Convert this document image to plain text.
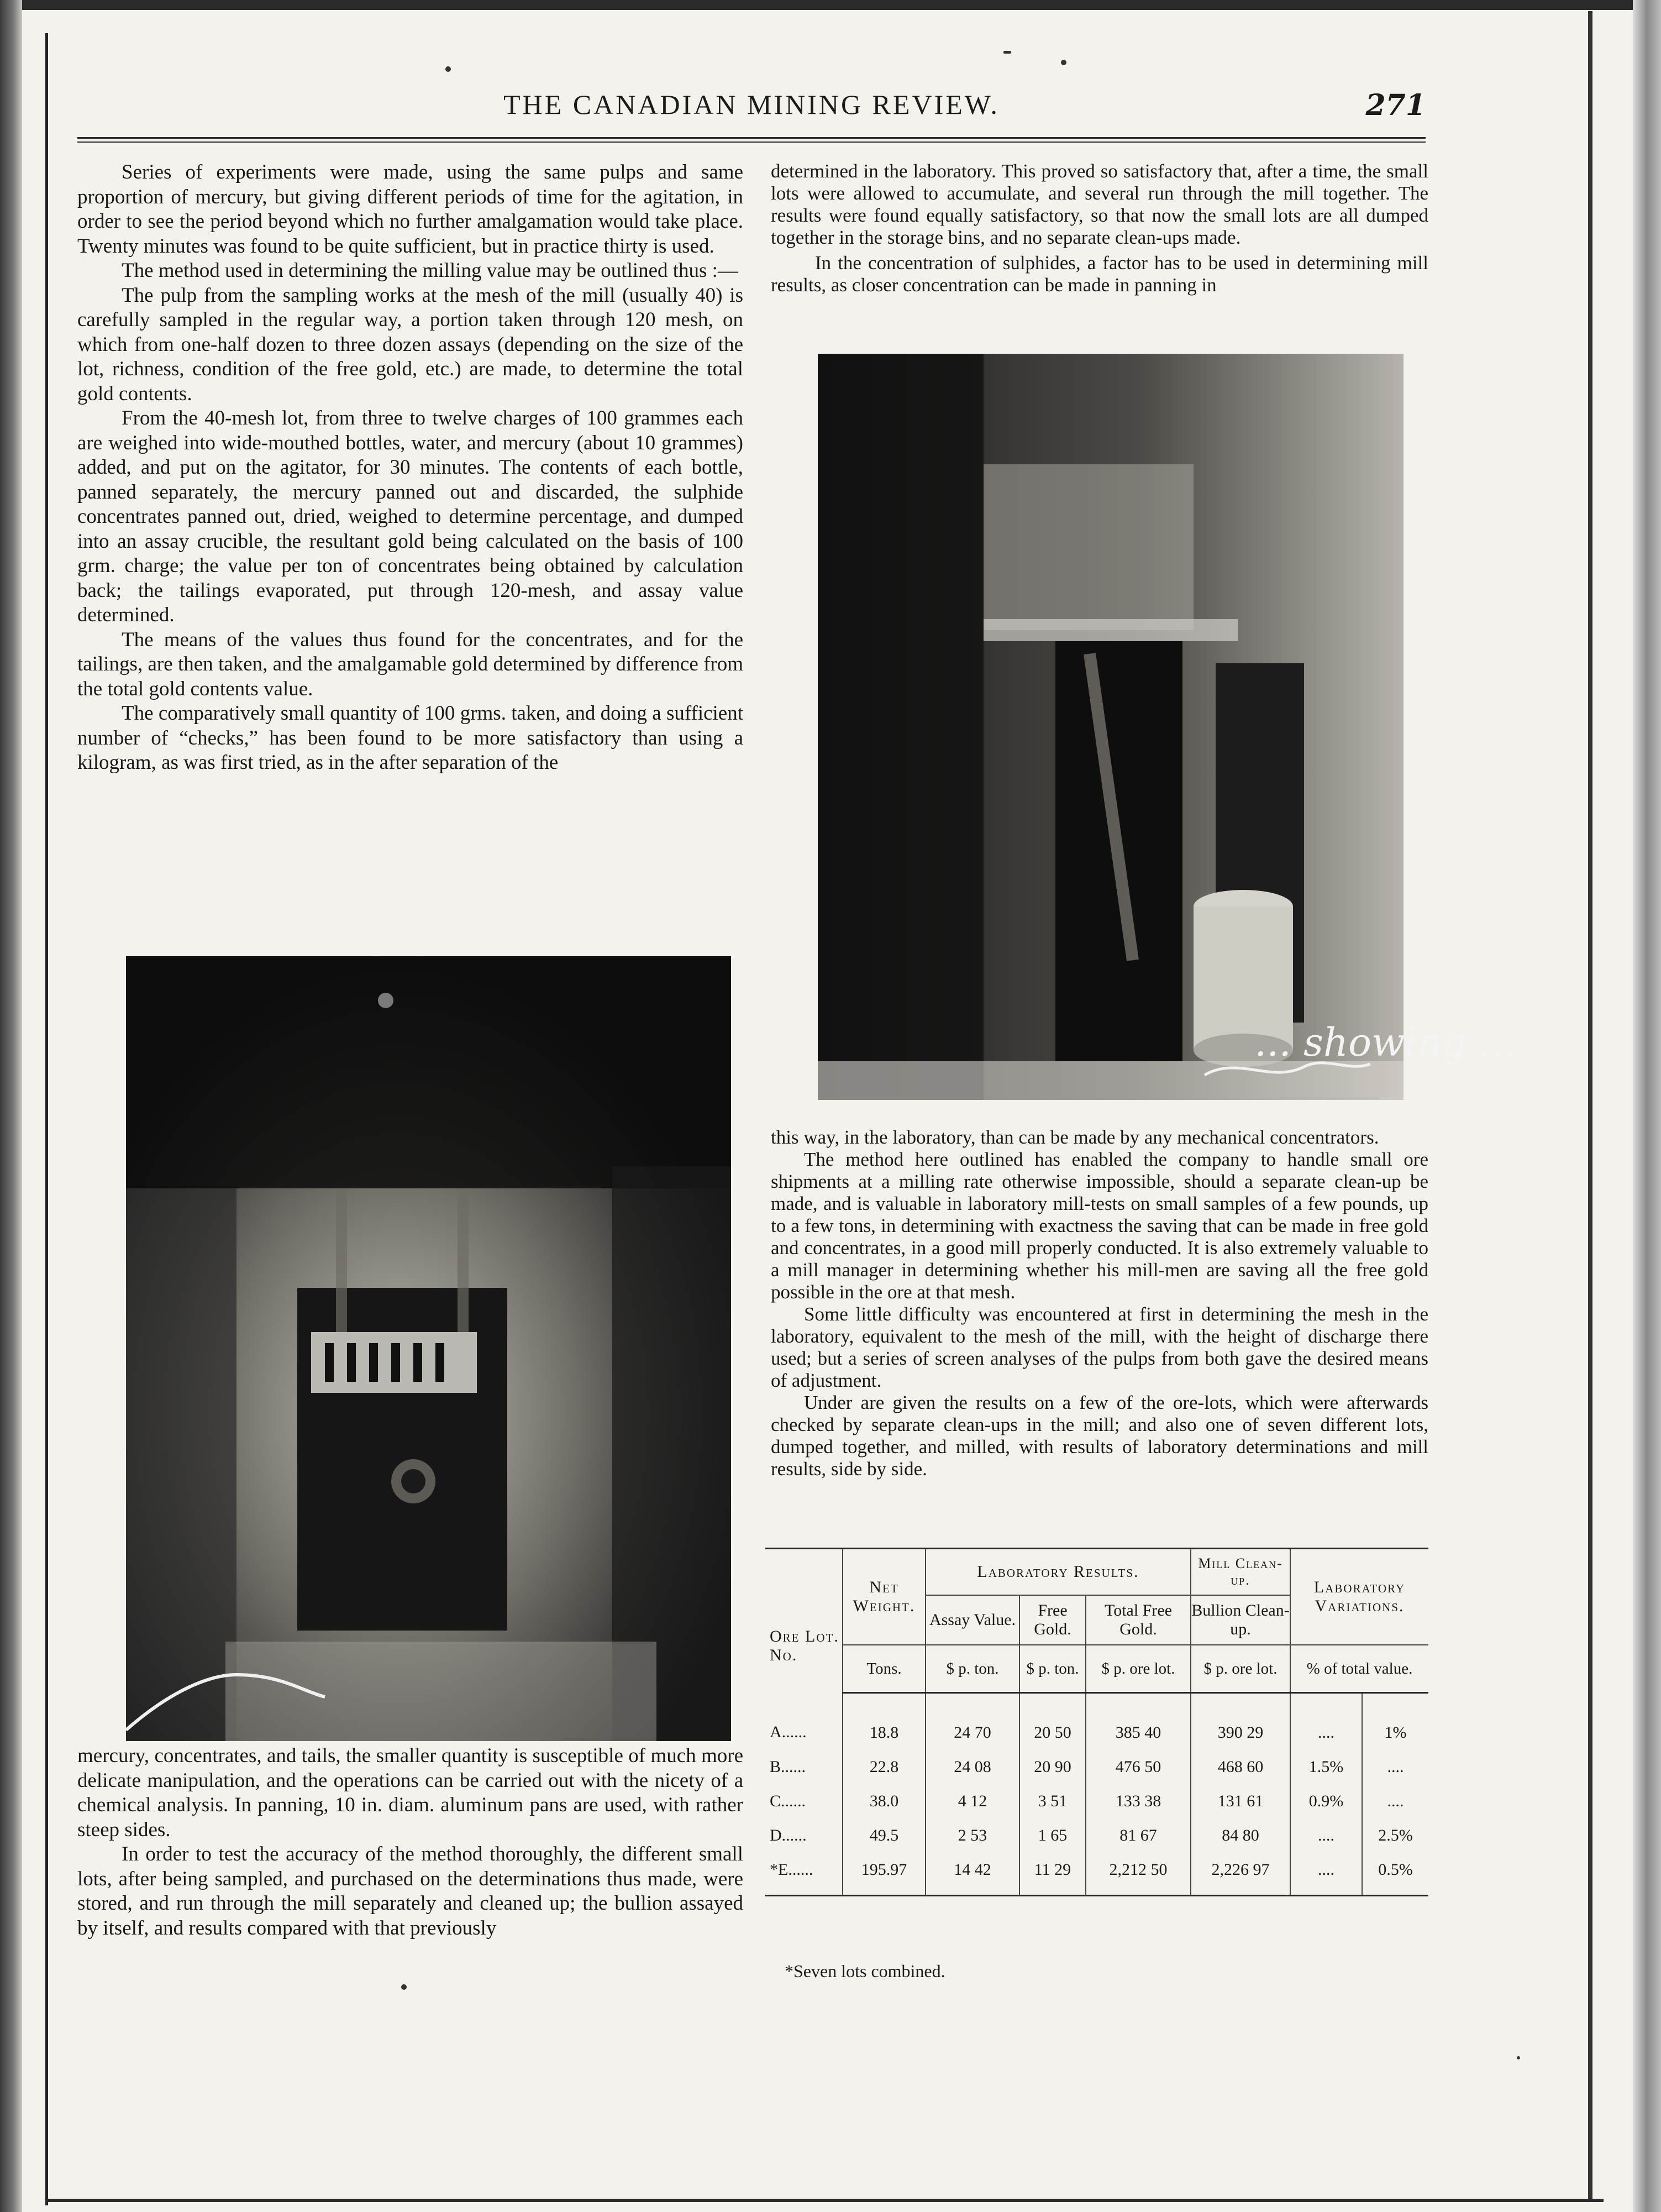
THE CANADIAN MINING REVIEW.	271

Series of experiments were made, using the same pulps and same proportion of mercury, but giving different periods of time for the agitation, in order to see the period beyond which no further amalgamation would take place. Twenty minutes was found to be quite sufficient, but in practice thirty is used.

The method used in determining the milling value may be outlined thus :—

The pulp from the sampling works at the mesh of the mill (usually 40) is carefully sampled in the regular way, a portion taken through 120 mesh, on which from one-half dozen to three dozen assays (depending on the size of the lot, richness, condition of the free gold, etc.) are made, to determine the total gold contents.

From the 40-mesh lot, from three to twelve charges of 100 grammes each are weighed into wide-mouthed bottles, water, and mercury (about 10 grammes) added, and put on the agitator, for 30 minutes. The contents of each bottle, panned separately, the mercury panned out and discarded, the sulphide concentrates panned out, dried, weighed to determine percentage, and dumped into an assay crucible, the resultant gold being calculated on the basis of 100 grm. charge; the value per ton of concentrates being obtained by calculation back; the tailings evaporated, put through 120-mesh, and assay value determined.

The means of the values thus found for the concentrates, and for the tailings, are then taken, and the amalgamable gold determined by difference from the total gold contents value.

The comparatively small quantity of 100 grms. taken, and doing a sufficient number of “checks,” has been found to be more satisfactory than using a kilogram, as was first tried, as in the after separation of the

mercury, concentrates, and tails, the smaller quantity is susceptible of much more delicate manipulation, and the operations can be carried out with the nicety of a chemical analysis. In panning, 10 in. diam. aluminum pans are used, with rather steep sides.

In order to test the accuracy of the method thoroughly, the different small lots, after being sampled, and purchased on the determinations thus made, were stored, and run through the mill separately and cleaned up; the bullion assayed by itself, and results compared with that previously

determined in the laboratory. This proved so satisfactory that, after a time, the small lots were allowed to accumulate, and several run through the mill together. The results were found equally satisfactory, so that now the small lots are all dumped together in the storage bins, and no separate clean-ups made.

In the concentration of sulphides, a factor has to be used in determining mill results, as closer concentration can be made in panning in

... showing ...

this way, in the laboratory, than can be made by any mechanical concentrators.

The method here outlined has enabled the company to handle small ore shipments at a milling rate otherwise impossible, should a separate clean-up be made, and is valuable in laboratory mill-tests on small samples of a few pounds, up to a few tons, in determining with exactness the saving that can be made in free gold and concentrates, in a good mill properly conducted. It is also extremely valuable to a mill manager in determining whether his mill-men are saving all the free gold possible in the ore at that mesh.

Some little difficulty was encountered at first in determining the mesh in the laboratory, equivalent to the mesh of the mill, with the height of discharge there used; but a series of screen analyses of the pulps from both gave the desired means of adjustment.

Under are given the results on a few of the ore-lots, which were afterwards checked by separate clean-ups in the mill; and also one of seven different lots, dumped together, and milled, with results of laboratory determinations and mill results, side by side.

Ore Lot. No.	Net Weight.	Laboratory Results.			Mill Clean-up.	Laboratory Variations.	
		Assay Value.	Free Gold.	Total Free Gold.	Bullion Clean-up.		
	Tons.	$ p. ton.	$ p. ton.	$ p. ore lot.	$ p. ore lot.	% of total value.	
A......	18.8	24 70	20 50	385 40	390 29	....	1%
B......	22.8	24 08	20 90	476 50	468 60	1.5%	....
C......	38.0	4 12	3 51	133 38	131 61	0.9%	....
D......	49.5	2 53	1 65	81 67	84 80	....	2.5%
*E......	195.97	14 42	11 29	2,212 50	2,226 97	....	0.5%
*Seven lots combined.
